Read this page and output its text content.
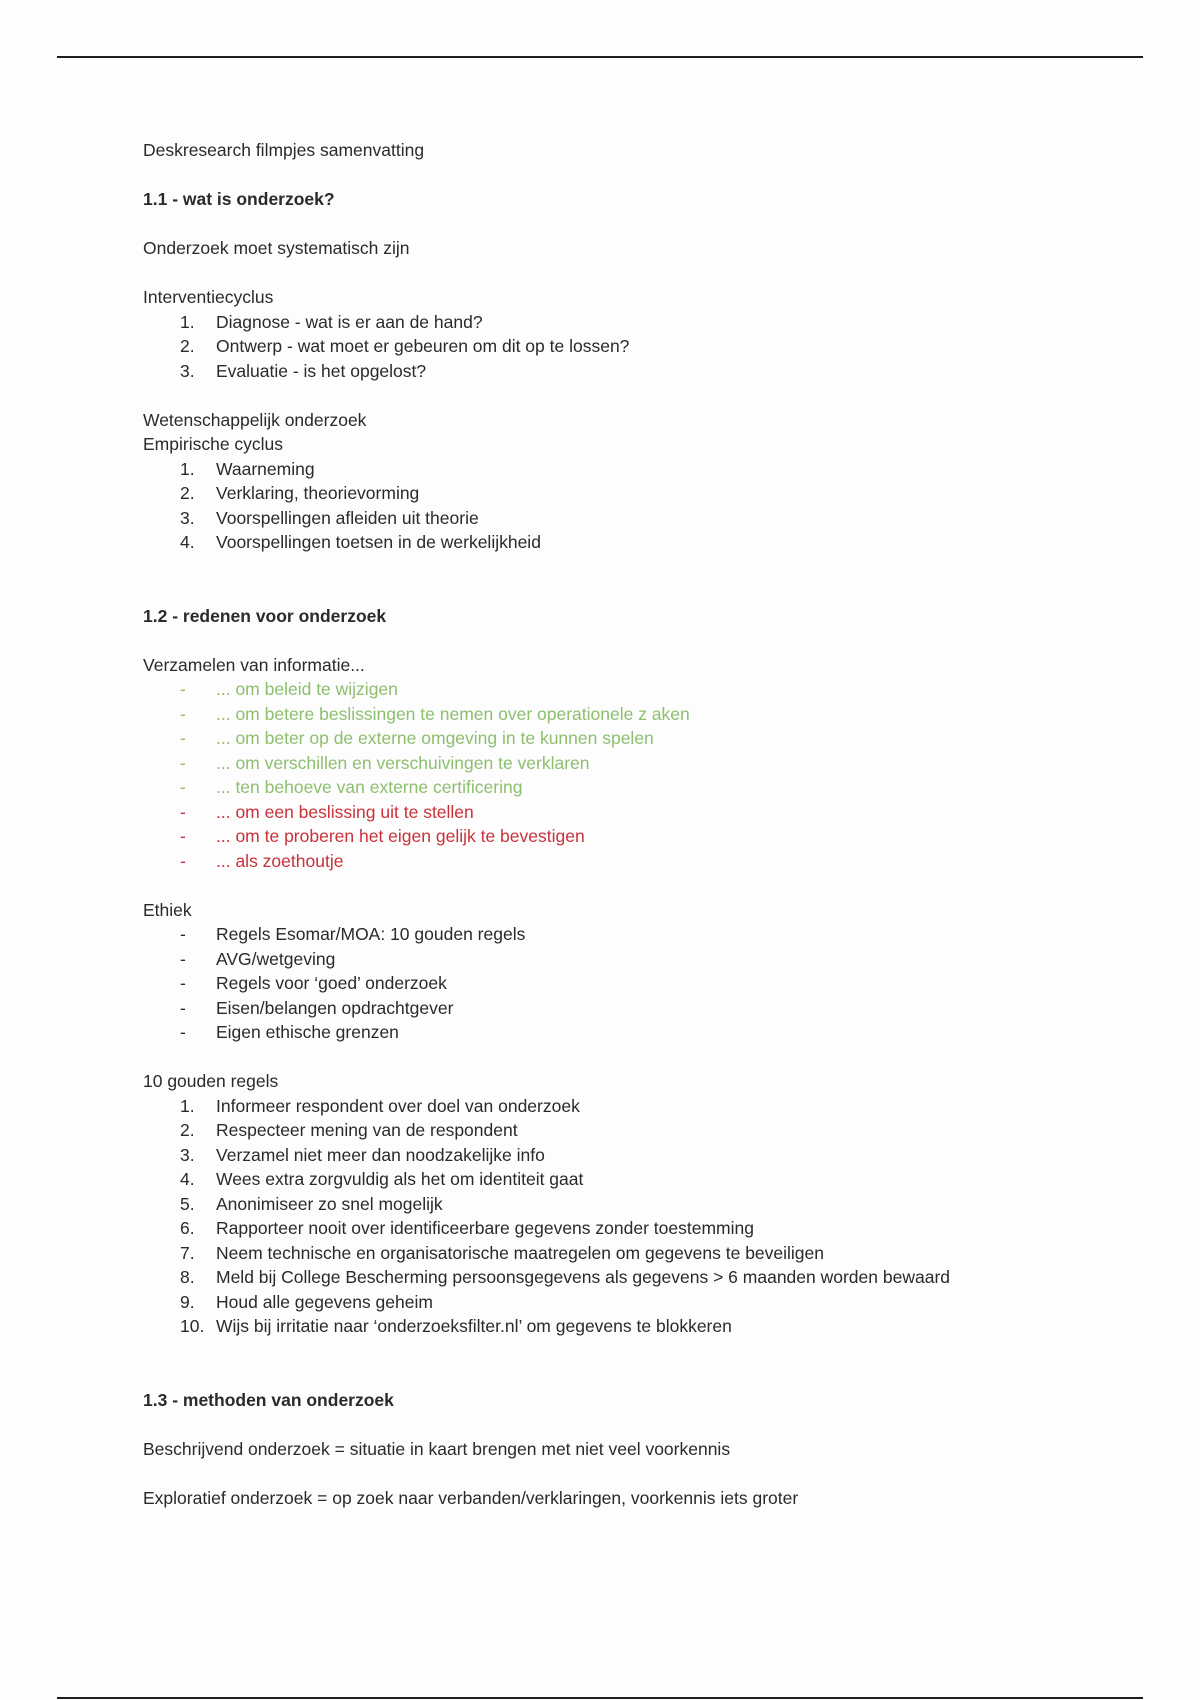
Deskresearch filmpjes samenvatting
1.1 - wat is onderzoek?
Onderzoek moet systematisch zijn
Interventiecyclus
1.	Diagnose - wat is er aan de hand?
2.	Ontwerp - wat moet er gebeuren om dit op te lossen?
3.	Evaluatie - is het opgelost?
Wetenschappelijk onderzoek
Empirische cyclus
1.	Waarneming
2.	Verklaring, theorievorming
3.	Voorspellingen afleiden uit theorie
4.	Voorspellingen toetsen in de werkelijkheid
1.2 - redenen voor onderzoek
Verzamelen van informatie...
-	... om beleid te wijzigen
-	... om betere beslissingen te nemen over operationele z aken
-	... om beter op de externe omgeving in te kunnen spelen
-	... om verschillen en verschuivingen te verklaren
-	... ten behoeve van externe certificering
-	... om een beslissing uit te stellen
-	... om te proberen het eigen gelijk te bevestigen
-	... als zoethoutje
Ethiek
-	Regels Esomar/MOA: 10 gouden regels
-	AVG/wetgeving
-	Regels voor ‘goed’ onderzoek
-	Eisen/belangen opdrachtgever
-	Eigen ethische grenzen
10 gouden regels
1.	Informeer respondent over doel van onderzoek
2.	Respecteer mening van de respondent
3.	Verzamel niet meer dan noodzakelijke info
4.	Wees extra zorgvuldig als het om identiteit gaat
5.	Anonimiseer zo snel mogelijk
6.	Rapporteer nooit over identificeerbare gegevens zonder toestemming
7.	Neem technische en organisatorische maatregelen om gegevens te beveiligen
8.	Meld bij College Bescherming persoonsgegevens als gegevens > 6 maanden worden bewaard
9.	Houd alle gegevens geheim
10. Wijs bij irritatie naar ‘onderzoeksfilter.nl’ om gegevens te blokkeren
1.3 - methoden van onderzoek
Beschrijvend onderzoek = situatie in kaart brengen met niet veel voorkennis
Exploratief onderzoek = op zoek naar verbanden/verklaringen, voorkennis iets groter
